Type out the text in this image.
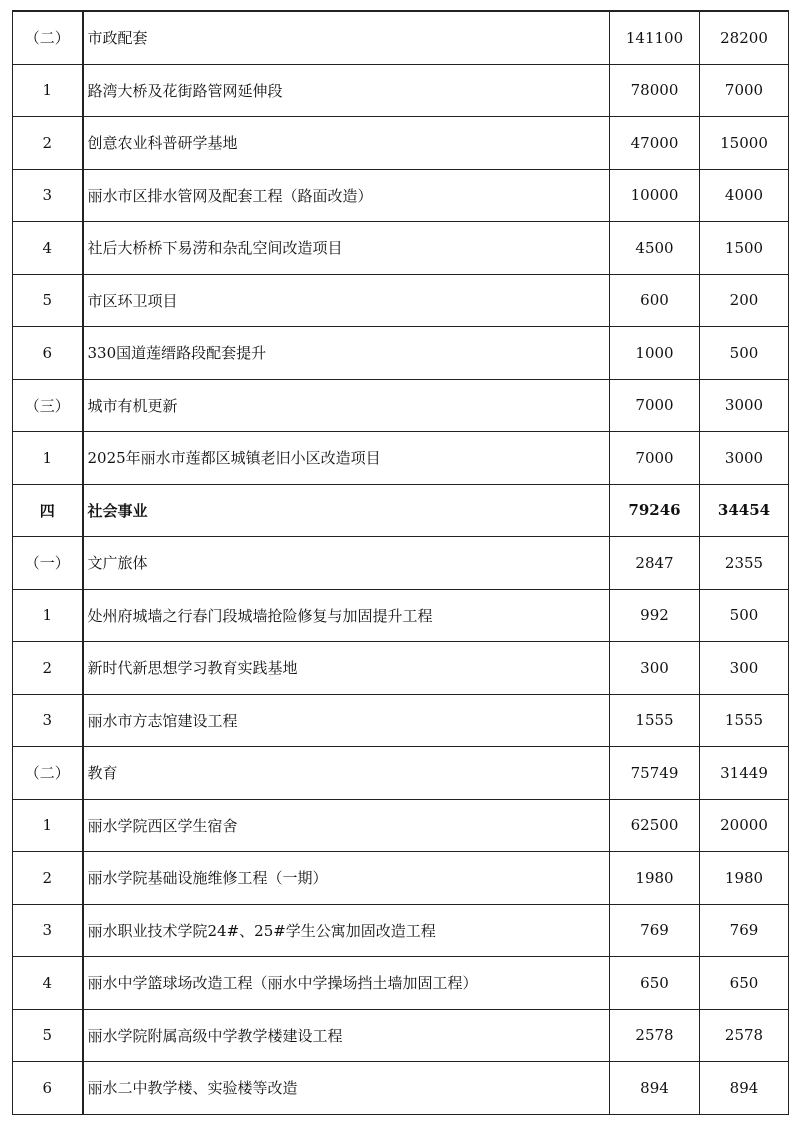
（二）	市政配套	141100	28200
1	路湾大桥及花街路管网延伸段	78000	7000
2	创意农业科普研学基地	47000	15000
3	丽水市区排水管网及配套工程（路面改造）	10000	4000
4	社后大桥桥下易涝和杂乱空间改造项目	4500	1500
5	市区环卫项目	600	200
6	330国道莲缙路段配套提升	1000	500
（三）	城市有机更新	7000	3000
1	2025年丽水市莲都区城镇老旧小区改造项目	7000	3000
四	社会事业	79246	34454
（一）	文广旅体	2847	2355
1	处州府城墙之行春门段城墙抢险修复与加固提升工程	992	500
2	新时代新思想学习教育实践基地	300	300
3	丽水市方志馆建设工程	1555	1555
（二）	教育	75749	31449
1	丽水学院西区学生宿舍	62500	20000
2	丽水学院基础设施维修工程（一期）	1980	1980
3	丽水职业技术学院24#、25#学生公寓加固改造工程	769	769
4	丽水中学篮球场改造工程（丽水中学操场挡土墙加固工程）	650	650
5	丽水学院附属高级中学教学楼建设工程	2578	2578
6	丽水二中教学楼、实验楼等改造	894	894
